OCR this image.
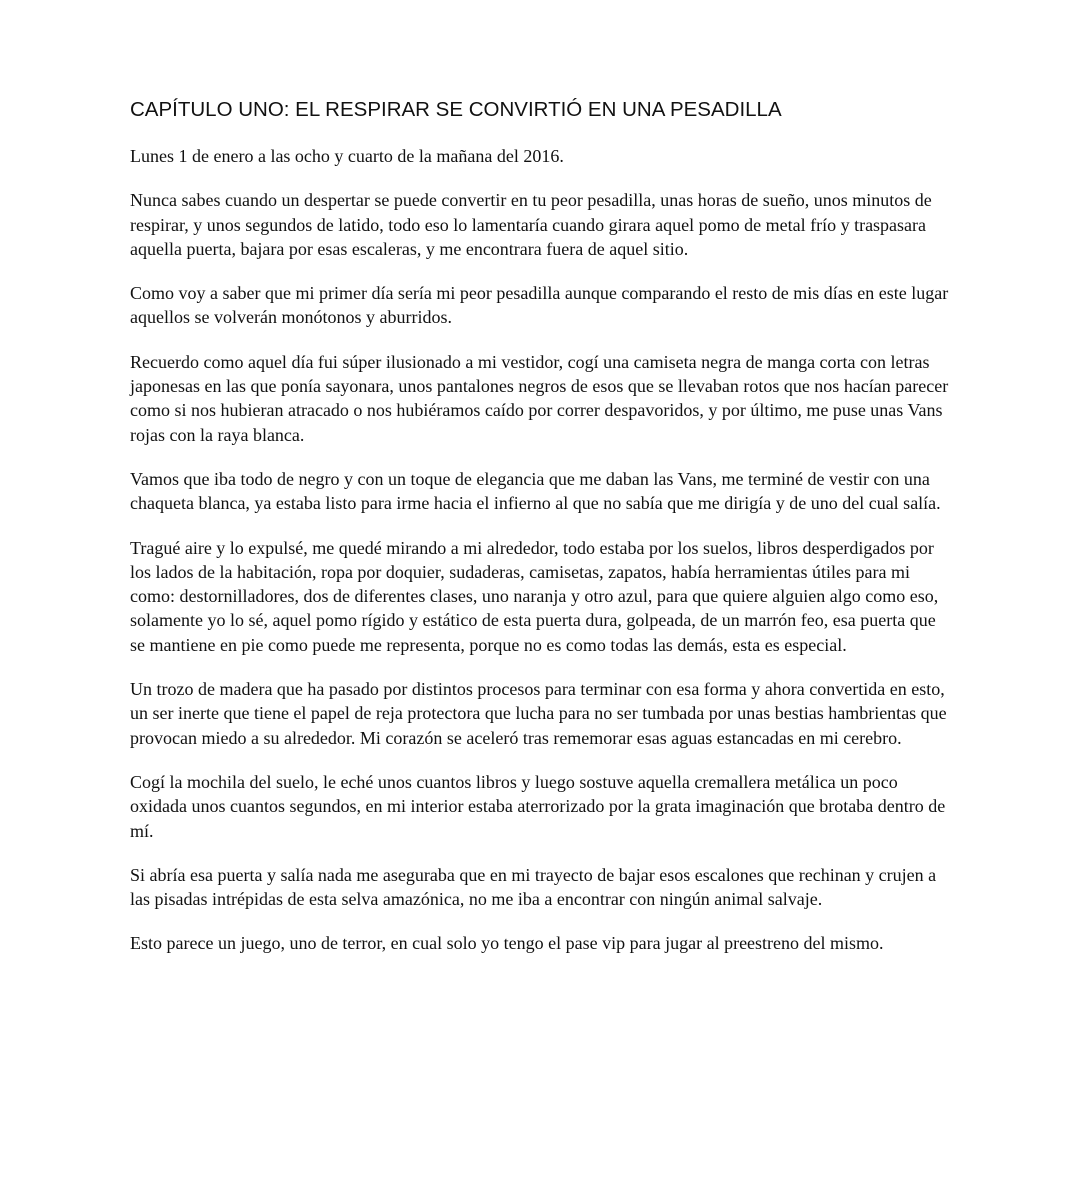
CAPÍTULO UNO: EL RESPIRAR SE CONVIRTIÓ EN UNA PESADILLA

Lunes 1 de enero a las ocho y cuarto de la mañana del 2016.

Nunca sabes cuando un despertar se puede convertir en tu peor pesadilla, unas horas de sueño, unos minutos de respirar, y unos segundos de latido, todo eso lo lamentaría cuando girara aquel pomo de metal frío y traspasara aquella puerta, bajara por esas escaleras, y me encontrara fuera de aquel sitio.

Como voy a saber que mi primer día sería mi peor pesadilla aunque comparando el resto de mis días en este lugar aquellos se volverán monótonos y aburridos.

Recuerdo como aquel día fui súper ilusionado a mi vestidor, cogí una camiseta negra de manga corta con letras japonesas en las que ponía sayonara, unos pantalones negros de esos que se llevaban rotos que nos hacían parecer como si nos hubieran atracado o nos hubiéramos caído por correr despavoridos, y por último, me puse unas Vans rojas con la raya blanca.

Vamos que iba todo de negro y con un toque de elegancia que me daban las Vans, me terminé de vestir con una chaqueta blanca, ya estaba listo para irme hacia el infierno al que no sabía que me dirigía y de uno del cual salía.

Tragué aire y lo expulsé, me quedé mirando a mi alrededor, todo estaba por los suelos, libros desperdigados por los lados de la habitación, ropa por doquier, sudaderas, camisetas, zapatos, había herramientas útiles para mi como: destornilladores, dos de diferentes clases, uno naranja y otro azul, para que quiere alguien algo como eso, solamente yo lo sé, aquel pomo rígido y estático de esta puerta dura, golpeada, de un marrón feo, esa puerta que se mantiene en pie como puede me representa, porque no es como todas las demás, esta es especial.

Un trozo de madera que ha pasado por distintos procesos para terminar con esa forma y ahora convertida en esto, un ser inerte que tiene el papel de reja protectora que lucha para no ser tumbada por unas bestias hambrientas que provocan miedo a su alrededor. Mi corazón se aceleró tras rememorar esas aguas estancadas en mi cerebro.

Cogí la mochila del suelo, le eché unos cuantos libros y luego sostuve aquella cremallera metálica un poco oxidada unos cuantos segundos, en mi interior estaba aterrorizado por la grata imaginación que brotaba dentro de mí.

Si abría esa puerta y salía nada me aseguraba que en mi trayecto de bajar esos escalones que rechinan y crujen a las pisadas intrépidas de esta selva amazónica, no me iba a encontrar con ningún animal salvaje.

Esto parece un juego, uno de terror, en cual solo yo tengo el pase vip para jugar al preestreno del mismo.
